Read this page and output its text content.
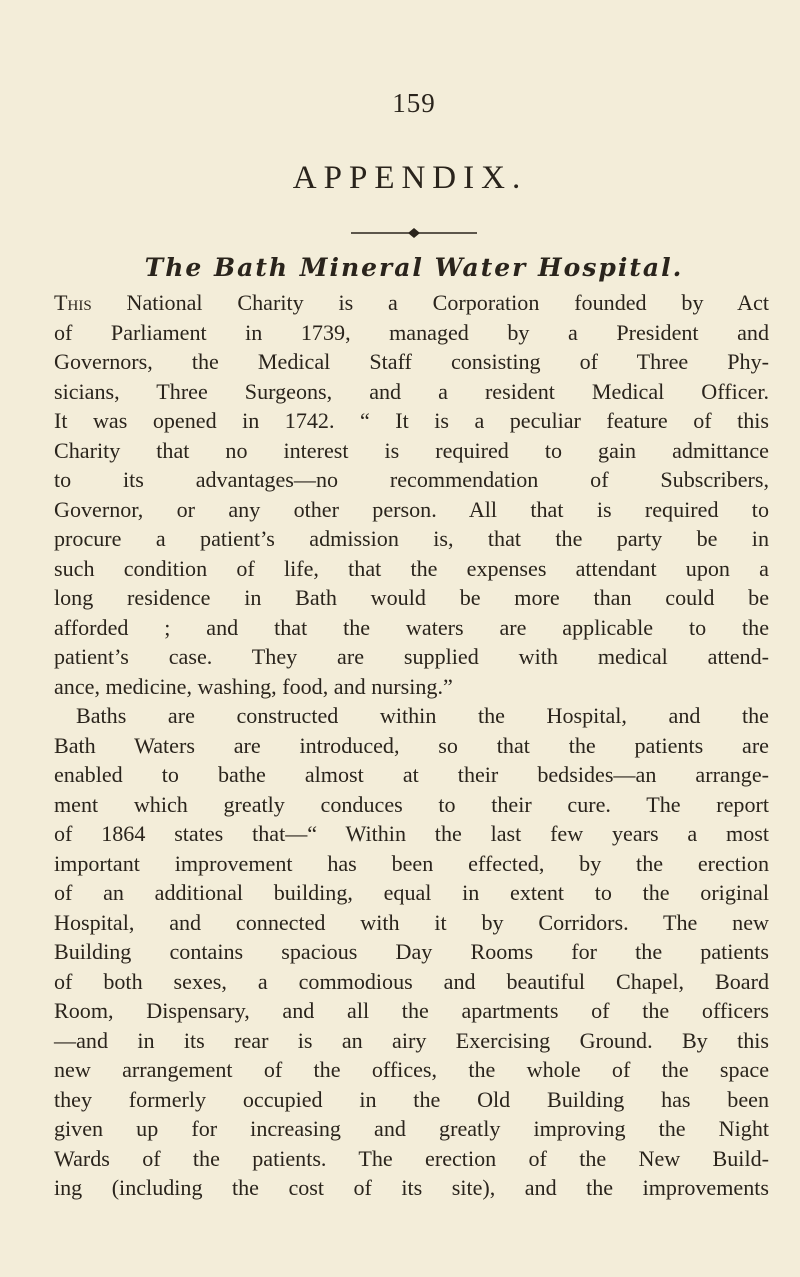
159
APPENDIX.
The Bath Mineral Water Hospital.
This National Charity is a Corporation founded by Act
of Parliament in 1739, managed by a President and
Governors, the Medical Staff consisting of Three Phy-
sicians, Three Surgeons, and a resident Medical Officer.
It was opened in 1742. “ It is a peculiar feature of this
Charity that no interest is required to gain admittance
to its advantages—no recommendation of Subscribers,
Governor, or any other person. All that is required to
procure a patient’s admission is, that the party be in
such condition of life, that the expenses attendant upon a
long residence in Bath would be more than could be
afforded ; and that the waters are applicable to the
patient’s case. They are supplied with medical attend-
ance, medicine, washing, food, and nursing.”
Baths are constructed within the Hospital, and the
Bath Waters are introduced, so that the patients are
enabled to bathe almost at their bedsides—an arrange-
ment which greatly conduces to their cure. The report
of 1864 states that—“ Within the last few years a most
important improvement has been effected, by the erection
of an additional building, equal in extent to the original
Hospital, and connected with it by Corridors. The new
Building contains spacious Day Rooms for the patients
of both sexes, a commodious and beautiful Chapel, Board
Room, Dispensary, and all the apartments of the officers
—and in its rear is an airy Exercising Ground. By this
new arrangement of the offices, the whole of the space
they formerly occupied in the Old Building has been
given up for increasing and greatly improving the Night
Wards of the patients. The erection of the New Build-
ing (including the cost of its site), and the improvements
